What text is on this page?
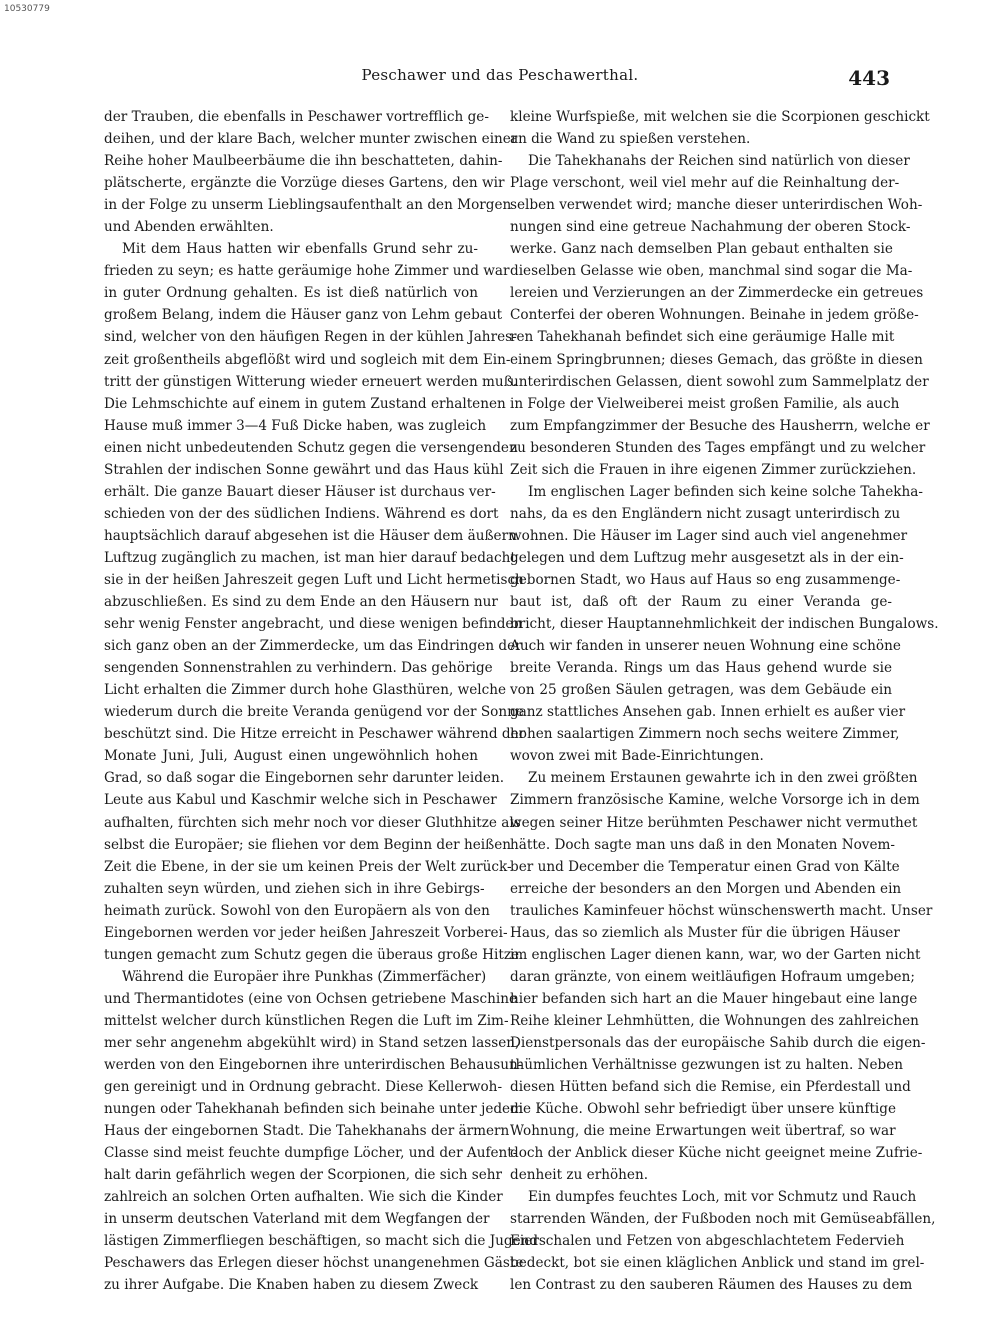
10530779
Peschawer und das Peschawerthal.	443
der Trauben, die ebenfalls in Peschawer vortrefflich ge-
deihen, und der klare Bach, welcher munter zwischen einer
Reihe hoher Maulbeerbäume die ihn beschatteten, dahin-
plätscherte, ergänzte die Vorzüge dieses Gartens, den wir
in der Folge zu unserm Lieblingsaufenthalt an den Morgen
und Abenden erwählten.
Mit dem Haus hatten wir ebenfalls Grund sehr zu-
frieden zu seyn; es hatte geräumige hohe Zimmer und war
in guter Ordnung gehalten. Es ist dieß natürlich von
großem Belang, indem die Häuser ganz von Lehm gebaut
sind, welcher von den häufigen Regen in der kühlen Jahres-
zeit großentheils abgeflößt wird und sogleich mit dem Ein-
tritt der günstigen Witterung wieder erneuert werden muß.
Die Lehmschichte auf einem in gutem Zustand erhaltenen
Hause muß immer 3—4 Fuß Dicke haben, was zugleich
einen nicht unbedeutenden Schutz gegen die versengenden
Strahlen der indischen Sonne gewährt und das Haus kühl
erhält. Die ganze Bauart dieser Häuser ist durchaus ver-
schieden von der des südlichen Indiens. Während es dort
hauptsächlich darauf abgesehen ist die Häuser dem äußern
Luftzug zugänglich zu machen, ist man hier darauf bedacht
sie in der heißen Jahreszeit gegen Luft und Licht hermetisch
abzuschließen. Es sind zu dem Ende an den Häusern nur
sehr wenig Fenster angebracht, und diese wenigen befinden
sich ganz oben an der Zimmerdecke, um das Eindringen der
sengenden Sonnenstrahlen zu verhindern. Das gehörige
Licht erhalten die Zimmer durch hohe Glasthüren, welche
wiederum durch die breite Veranda genügend vor der Sonne
beschützt sind. Die Hitze erreicht in Peschawer während der
Monate Juni, Juli, August einen ungewöhnlich hohen
Grad, so daß sogar die Eingebornen sehr darunter leiden.
Leute aus Kabul und Kaschmir welche sich in Peschawer
aufhalten, fürchten sich mehr noch vor dieser Gluthhitze als
selbst die Europäer; sie fliehen vor dem Beginn der heißen
Zeit die Ebene, in der sie um keinen Preis der Welt zurück-
zuhalten seyn würden, und ziehen sich in ihre Gebirgs-
heimath zurück. Sowohl von den Europäern als von den
Eingebornen werden vor jeder heißen Jahreszeit Vorberei-
tungen gemacht zum Schutz gegen die überaus große Hitze.
Während die Europäer ihre Punkhas (Zimmerfächer)
und Thermantidotes (eine von Ochsen getriebene Maschine
mittelst welcher durch künstlichen Regen die Luft im Zim-
mer sehr angenehm abgekühlt wird) in Stand setzen lassen,
werden von den Eingebornen ihre unterirdischen Behausun-
gen gereinigt und in Ordnung gebracht. Diese Kellerwoh-
nungen oder Tahekhanah befinden sich beinahe unter jedem
Haus der eingebornen Stadt. Die Tahekhanahs der ärmern
Classe sind meist feuchte dumpfige Löcher, und der Aufent-
halt darin gefährlich wegen der Scorpionen, die sich sehr
zahlreich an solchen Orten aufhalten. Wie sich die Kinder
in unserm deutschen Vaterland mit dem Wegfangen der
lästigen Zimmerfliegen beschäftigen, so macht sich die Jugend
Peschawers das Erlegen dieser höchst unangenehmen Gäste
zu ihrer Aufgabe. Die Knaben haben zu diesem Zweck
kleine Wurfspieße, mit welchen sie die Scorpionen geschickt
an die Wand zu spießen verstehen.
Die Tahekhanahs der Reichen sind natürlich von dieser
Plage verschont, weil viel mehr auf die Reinhaltung der-
selben verwendet wird; manche dieser unterirdischen Woh-
nungen sind eine getreue Nachahmung der oberen Stock-
werke. Ganz nach demselben Plan gebaut enthalten sie
dieselben Gelasse wie oben, manchmal sind sogar die Ma-
lereien und Verzierungen an der Zimmerdecke ein getreues
Conterfei der oberen Wohnungen. Beinahe in jedem größe-
ren Tahekhanah befindet sich eine geräumige Halle mit
einem Springbrunnen; dieses Gemach, das größte in diesen
unterirdischen Gelassen, dient sowohl zum Sammelplatz der
in Folge der Vielweiberei meist großen Familie, als auch
zum Empfangzimmer der Besuche des Hausherrn, welche er
zu besonderen Stunden des Tages empfängt und zu welcher
Zeit sich die Frauen in ihre eigenen Zimmer zurückziehen.
Im englischen Lager befinden sich keine solche Tahekha-
nahs, da es den Engländern nicht zusagt unterirdisch zu
wohnen. Die Häuser im Lager sind auch viel angenehmer
gelegen und dem Luftzug mehr ausgesetzt als in der ein-
gebornen Stadt, wo Haus auf Haus so eng zusammenge-
baut ist, daß oft der Raum zu einer Veranda ge-
bricht, dieser Hauptannehmlichkeit der indischen Bungalows.
Auch wir fanden in unserer neuen Wohnung eine schöne
breite Veranda. Rings um das Haus gehend wurde sie
von 25 großen Säulen getragen, was dem Gebäude ein
ganz stattliches Ansehen gab. Innen erhielt es außer vier
hohen saalartigen Zimmern noch sechs weitere Zimmer,
wovon zwei mit Bade-Einrichtungen.
Zu meinem Erstaunen gewahrte ich in den zwei größten
Zimmern französische Kamine, welche Vorsorge ich in dem
wegen seiner Hitze berühmten Peschawer nicht vermuthet
hätte. Doch sagte man uns daß in den Monaten Novem-
ber und December die Temperatur einen Grad von Kälte
erreiche der besonders an den Morgen und Abenden ein
trauliches Kaminfeuer höchst wünschenswerth macht. Unser
Haus, das so ziemlich als Muster für die übrigen Häuser
im englischen Lager dienen kann, war, wo der Garten nicht
daran gränzte, von einem weitläufigen Hofraum umgeben;
hier befanden sich hart an die Mauer hingebaut eine lange
Reihe kleiner Lehmhütten, die Wohnungen des zahlreichen
Dienstpersonals das der europäische Sahib durch die eigen-
thümlichen Verhältnisse gezwungen ist zu halten. Neben
diesen Hütten befand sich die Remise, ein Pferdestall und
die Küche. Obwohl sehr befriedigt über unsere künftige
Wohnung, die meine Erwartungen weit übertraf, so war
doch der Anblick dieser Küche nicht geeignet meine Zufrie-
denheit zu erhöhen.
Ein dumpfes feuchtes Loch, mit vor Schmutz und Rauch
starrenden Wänden, der Fußboden noch mit Gemüseabfällen,
Eierschalen und Fetzen von abgeschlachtetem Federvieh
bedeckt, bot sie einen kläglichen Anblick und stand im grel-
len Contrast zu den sauberen Räumen des Hauses zu dem
